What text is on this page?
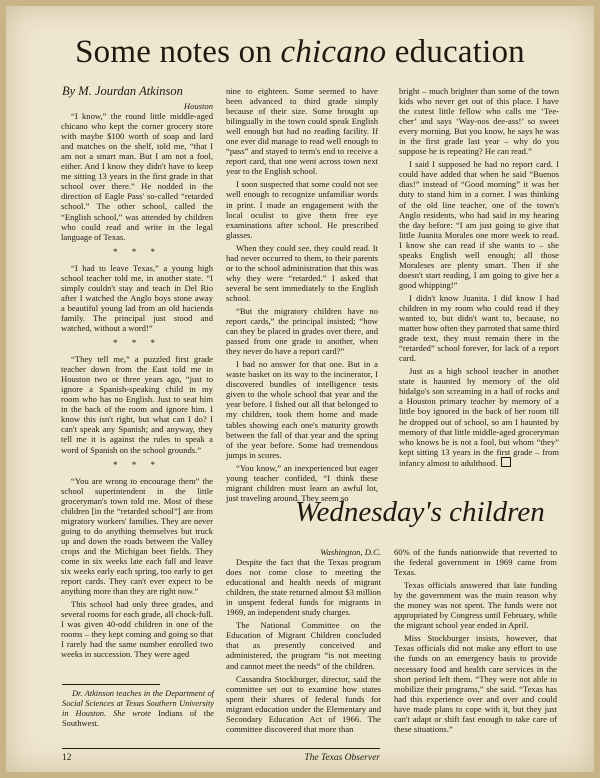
Some notes on chicano education
By M. Jourdan Atkinson

Houston

“I know,” the round little middle-aged chicano who kept the corner grocery store with maybe $100 worth of soap and lard and matches on the shelf, told me, “that I am not a smart man. But I am not a fool, either. And I know they didn't have to keep me sitting 13 years in the first grade in that school over there.” He nodded in the direction of Eagle Pass' so-called “retarded school.” The other school, called the “English school,” was attended by children who could read and write in the legal language of Texas.

* * *

“I had to leave Texas,” a young high school teacher told me, in another state. “I simply couldn't stay and teach in Del Rio after I watched the Anglo boys stone away a beautiful young lad from an old hacienda family. The principal just stood and watched, without a word!”

* * *

“They tell me,” a puzzled first grade teacher down from the East told me in Houston two or three years ago, “just to ignore a Spanish-speaking child in my room who has no English. Just to seat him in the back of the room and ignore him. I know this isn't right, but what can I do? I can't speak any Spanish; and anyway, they tell me it is against the rules to speak a word of Spanish on the school grounds.”

* * *

“You are wrong to encourage them” the school superintendent in the little groceryman's town told me. Most of these children [in the “retarded school”] are from migratory workers' families. They are never going to do anything themselves but truck up and down the roads between the Valley crops and the Michigan beet fields. They come in six weeks late each fall and leave six weeks early each spring, too early to get report cards. They can't ever expect to be anything more than they are right now.”

This school had only three grades, and several rooms for each grade, all chock-full. I was given 40-odd children in one of the rooms – they kept coming and going so that I rarely had the same number enrolled two weeks in succession. They were aged

Dr. Atkinson teaches in the Department of Social Sciences at Texas Southern University in Houston. She wrote Indians of the Southwest.

nine to eighteen. Some seemed to have been advanced to third grade simply because of their size. Some brought up bilingually in the town could speak English well enough but had no reading facility. If one ever did manage to read well enough to “pass” and stayed to term's end to receive a report card, that one went across town next year to the English school.

I soon suspected that some could not see well enough to recognize unfamiliar words in print. I made an engagement with the local oculist to give them free eye examinations after school. He prescribed glasses.

When they could see, they could read. It had never occurred to them, to their parents or to the school administration that this was why they were “retarded.” I asked that several be sent immediately to the English school.

“But the migratory children have no report cards,” the principal insisted; “how can they be placed in grades over there, and passed from one grade to another, when they never do have a report card?”

I had no answer for that one. But in a waste basket on its way to the incinerator, I discovered bundles of intelligence tests given to the whole school that year and the year before. I fished out all that belonged to my children, took them home and made tables showing each one's maturity growth between the fall of that year and the spring of the year before. Some had tremendous jumps in scores.

“You know,” an inexperienced but eager young teacher confided, “I think these migrant children must learn an awful lot, just traveling around. They seem so

bright – much brighter than some of the town kids who never get out of this place. I have the cutest little fellow who calls me ‘Tee-cher’ and says ‘Way-nos dee-ass!’ so sweet every morning. But you know, he says he was in the first grade last year – why do you suppose he is repeating? He can read.”

I said I supposed he had no report card. I could have added that when he said “Buenos dias!” instead of “Good morning” it was her duty to stand him in a corner. I was thinking of the old line teacher, one of the town's Anglo residents, who had said in my hearing the day before: “I am just going to give that little Juanita Morales one more week to read. I know she can read if she wants to – she speaks English well enough; all those Moraleses are plenty smart. Then if she doesn't start reading, I am going to give her a good whipping!”

I didn't know Juanita. I did know I had children in my room who could read if they wanted to, but didn't want to, because, no matter how often they parroted that same third grade text, they must remain there in the “retarded” school forever, for lack of a report card.

Just as a high school teacher in another state is haunted by memory of the old hidalgo's son screaming in a hail of rocks and a Houston primary teacher by memory of a little boy ignored in the back of her room till he dropped out of school, so am I haunted by memory of that little middle-aged groceryman who knows he is not a fool, but whom “they” kept sitting 13 years in the first grade – from infancy almost to adulthood.

Wednesday's children

Washington, D.C.

Despite the fact that the Texas program does not come close to meeting the educational and health needs of migrant children, the state returned almost $3 million in unspent federal funds for migrants in 1969, an independent study charges.

The National Committee on the Education of Migrant Children concluded that as presently conceived and administered, the program “is not meeting and cannot meet the needs” of the children.

Cassandra Stockburger, director, said the committee set out to examine how states spent their shares of federal funds for migrant education under the Elementary and Secondary Education Act of 1966. The committee discovered that more than

60% of the funds nationwide that reverted to the federal government in 1969 came from Texas.

Texas officials answered that late funding by the government was the main reason why the money was not spent. The funds were not appropriated by Congress until February, while the migrant school year ended in April.

Miss Stockburger insists, however, that Texas officials did not make any effort to use the funds on an emergency basis to provide necessary food and health care services in the short period left them. “They were not able to mobilize their programs,” she said. “Texas has had this experience over and over and could have made plans to cope with it, but they just can't adapt or shift fast enough to take care of these situations.”

12	The Texas Observer
